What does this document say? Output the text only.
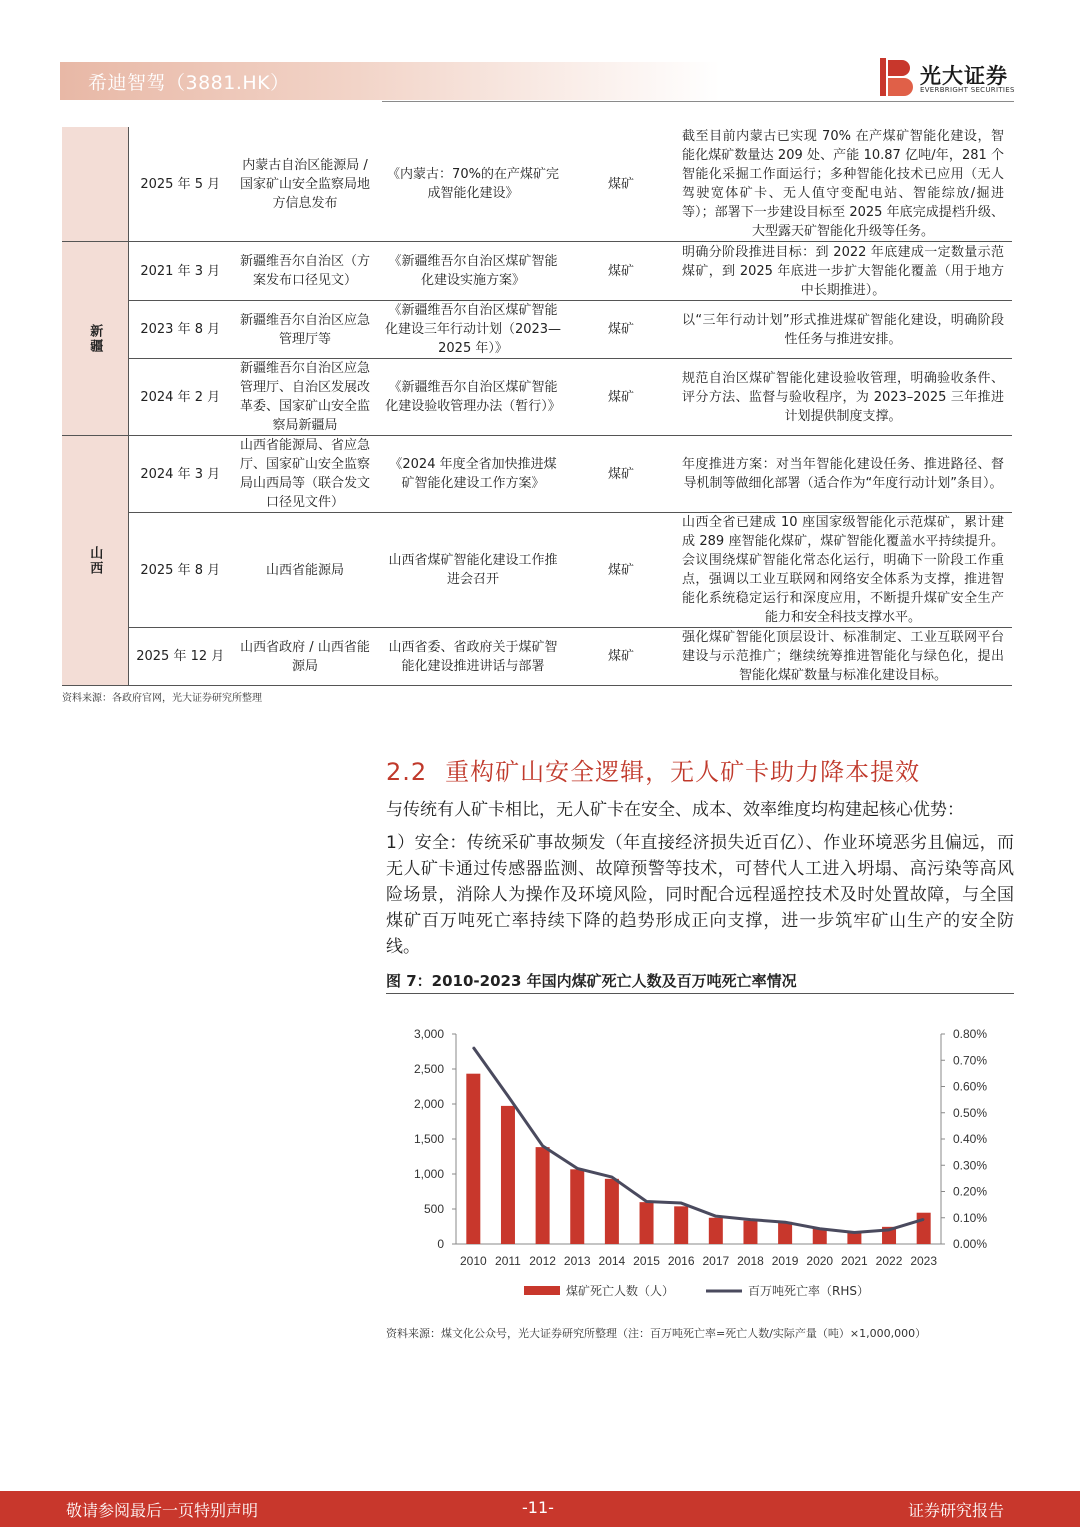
希迪智驾（3881.HK）	光大证券
EVERBRIGHT SECURITIES
	2025 年 5 月	内蒙古自治区能源局 / 国家矿山安全监察局地方信息发布	《内蒙古：70%的在产煤矿完成智能化建设》	煤矿	截至目前内蒙古已实现 70% 在产煤矿智能化建设，智能化煤矿数量达 209 处、产能 10.87 亿吨/年，281 个智能化采掘工作面运行；多种智能化技术已应用（无人驾驶宽体矿卡、无人值守变配电站、智能综放/掘进等）；部署下一步建设目标至 2025 年底完成提档升级、大型露天矿智能化升级等任务。
新疆	2021 年 3 月	新疆维吾尔自治区（方案发布口径见文）	《新疆维吾尔自治区煤矿智能化建设实施方案》	煤矿	明确分阶段推进目标：到 2022 年底建成一定数量示范煤矿，到 2025 年底进一步扩大智能化覆盖（用于地方中长期推进）。
	2023 年 8 月	新疆维吾尔自治区应急管理厅等	《新疆维吾尔自治区煤矿智能化建设三年行动计划（2023—2025 年）》	煤矿	以“三年行动计划”形式推进煤矿智能化建设，明确阶段性任务与推进安排。
	2024 年 2 月	新疆维吾尔自治区应急管理厅、自治区发展改革委、国家矿山安全监察局新疆局	《新疆维吾尔自治区煤矿智能化建设验收管理办法（暂行）》	煤矿	规范自治区煤矿智能化建设验收管理，明确验收条件、评分方法、监督与验收程序，为 2023–2025 三年推进计划提供制度支撑。
山西	2024 年 3 月	山西省能源局、省应急厅、国家矿山安全监察局山西局等（联合发文口径见文件）	《2024 年度全省加快推进煤矿智能化建设工作方案》	煤矿	年度推进方案：对当年智能化建设任务、推进路径、督导机制等做细化部署（适合作为“年度行动计划”条目）。
	2025 年 8 月	山西省能源局	山西省煤矿智能化建设工作推进会召开	煤矿	山西全省已建成 10 座国家级智能化示范煤矿，累计建成 289 座智能化煤矿，煤矿智能化覆盖水平持续提升。会议围绕煤矿智能化常态化运行，明确下一阶段工作重点，强调以工业互联网和网络安全体系为支撑，推进智能化系统稳定运行和深度应用，不断提升煤矿安全生产能力和安全科技支撑水平。
	2025 年 12 月	山西省政府 / 山西省能源局	山西省委、省政府关于煤矿智能化建设推进讲话与部署	煤矿	强化煤矿智能化顶层设计、标准制定、工业互联网平台建设与示范推广；继续统筹推进智能化与绿色化，提出智能化煤矿数量与标准化建设目标。
资料来源：各政府官网，光大证券研究所整理
2.2 重构矿山安全逻辑，无人矿卡助力降本提效
与传统有人矿卡相比，无人矿卡在安全、成本、效率维度均构建起核心优势：
1）安全：传统采矿事故频发（年直接经济损失近百亿）、作业环境恶劣且偏远，而无人矿卡通过传感器监测、故障预警等技术，可替代人工进入坍塌、高污染等高风险场景，消除人为操作及环境风险，同时配合远程遥控技术及时处置故障，与全国煤矿百万吨死亡率持续下降的趋势形成正向支撑，进一步筑牢矿山生产的安全防线。
图 7：2010-2023 年国内煤矿死亡人数及百万吨死亡率情况
3,000
2,500
2,000
1,500
1,000
500
0
0.80%
0.70%
0.60%
0.50%
0.40%
0.30%
0.20%
0.10%
0.00%
2010 2011 2012 2013 2014 2015 2016 2017 2018 2019 2020 2021 2022 2023
煤矿死亡人数（人）	百万吨死亡率（RHS）
资料来源：煤文化公众号，光大证券研究所整理（注：百万吨死亡率=死亡人数/实际产量（吨）×1,000,000）
敬请参阅最后一页特别声明	-11-	证券研究报告
